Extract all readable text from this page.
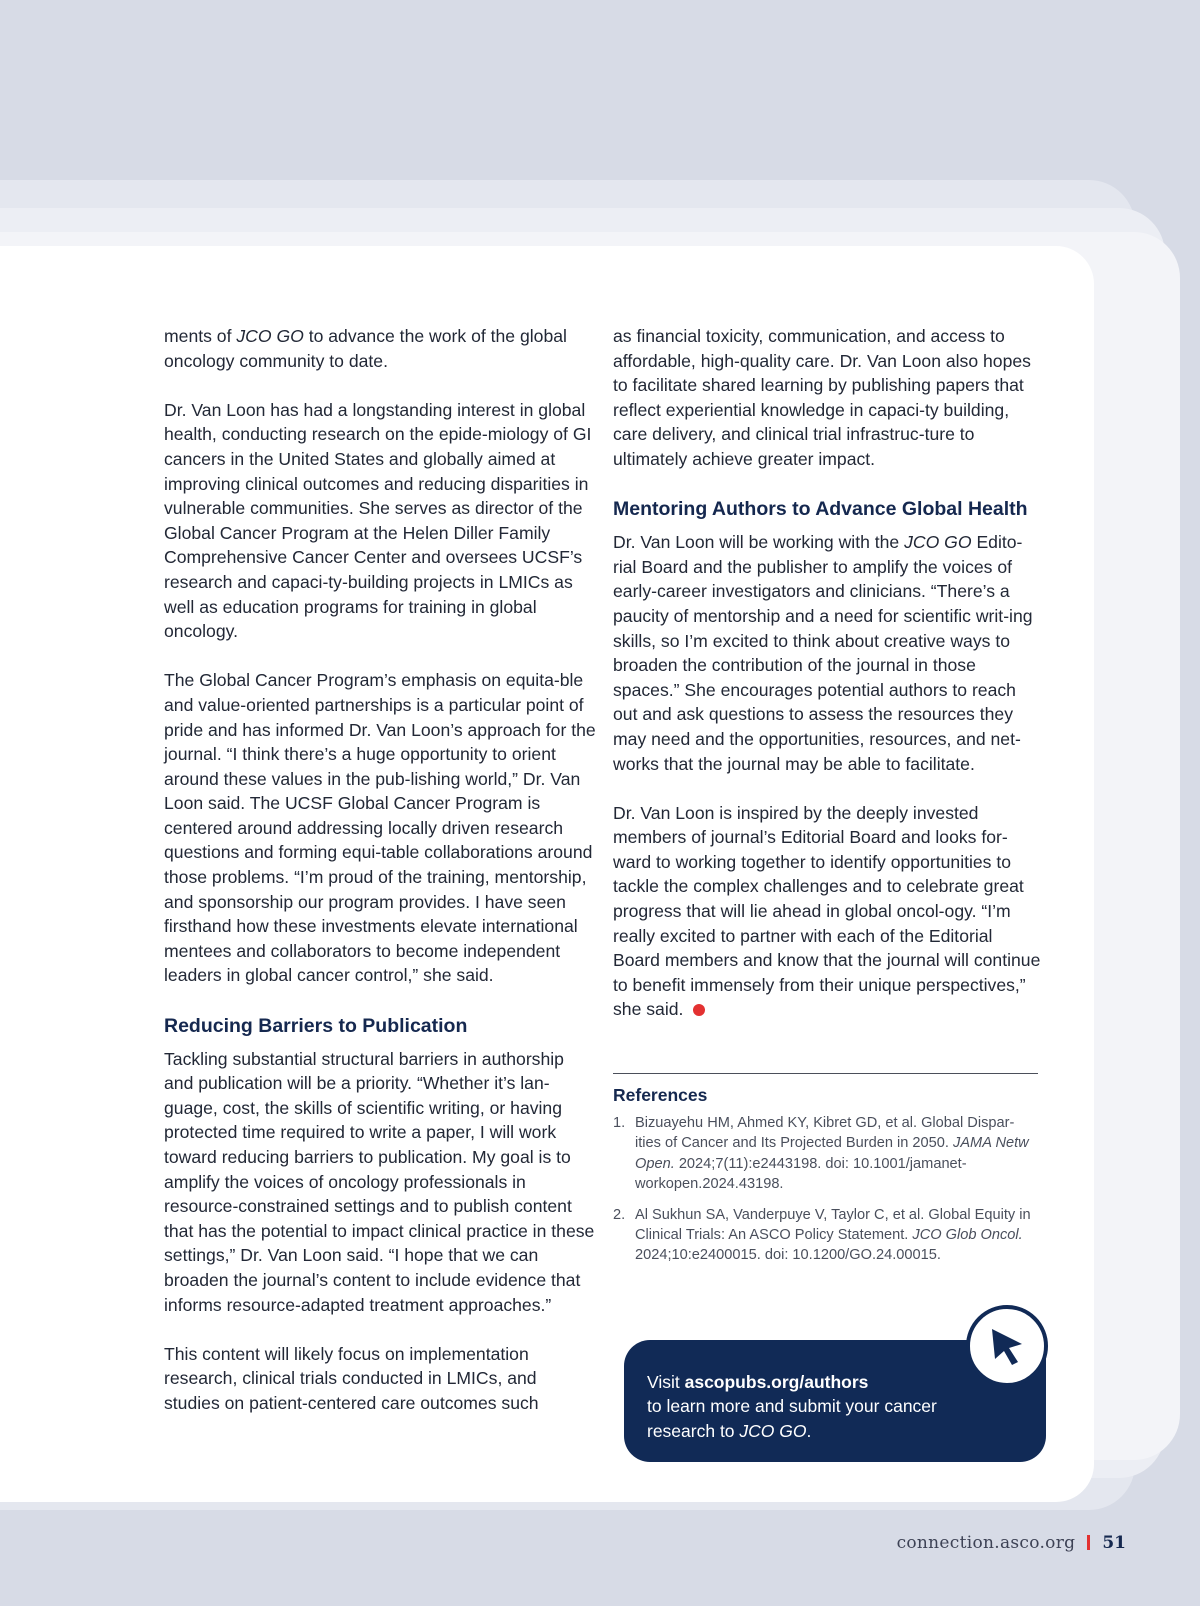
ments of JCO GO to advance the work of the global oncology community to date.

Dr. Van Loon has had a longstanding interest in global health, conducting research on the epide-miology of GI cancers in the United States and globally aimed at improving clinical outcomes and reducing disparities in vulnerable communities. She serves as director of the Global Cancer Program at the Helen Diller Family Comprehensive Cancer Center and oversees UCSF’s research and capaci-ty-building projects in LMICs as well as education programs for training in global oncology.

The Global Cancer Program’s emphasis on equita-ble and value-oriented partnerships is a particular point of pride and has informed Dr. Van Loon’s approach for the journal. “I think there’s a huge opportunity to orient around these values in the pub-lishing world,” Dr. Van Loon said. The UCSF Global Cancer Program is centered around addressing locally driven research questions and forming equi-table collaborations around those problems. “I’m proud of the training, mentorship, and sponsorship our program provides. I have seen firsthand how these investments elevate international mentees and collaborators to become independent leaders in global cancer control,” she said.

Reducing Barriers to Publication

Tackling substantial structural barriers in authorship and publication will be a priority. “Whether it’s lan-guage, cost, the skills of scientific writing, or having protected time required to write a paper, I will work toward reducing barriers to publication. My goal is to amplify the voices of oncology professionals in resource-constrained settings and to publish content that has the potential to impact clinical practice in these settings,” Dr. Van Loon said. “I hope that we can broaden the journal’s content to include evidence that informs resource-adapted treatment approaches.”

This content will likely focus on implementation research, clinical trials conducted in LMICs, and studies on patient-centered care outcomes such

as financial toxicity, communication, and access to affordable, high-quality care. Dr. Van Loon also hopes to facilitate shared learning by publishing papers that reflect experiential knowledge in capaci-ty building, care delivery, and clinical trial infrastruc-ture to ultimately achieve greater impact.

Mentoring Authors to Advance Global Health

Dr. Van Loon will be working with the JCO GO Edito-rial Board and the publisher to amplify the voices of early-career investigators and clinicians. “There’s a paucity of mentorship and a need for scientific writ-ing skills, so I’m excited to think about creative ways to broaden the contribution of the journal in those spaces.” She encourages potential authors to reach out and ask questions to assess the resources they may need and the opportunities, resources, and net-works that the journal may be able to facilitate.

Dr. Van Loon is inspired by the deeply invested members of journal’s Editorial Board and looks for-ward to working together to identify opportunities to tackle the complex challenges and to celebrate great progress that will lie ahead in global oncol-ogy. “I’m really excited to partner with each of the Editorial Board members and know that the journal will continue to benefit immensely from their unique perspectives,” she said.

References
1. Bizuayehu HM, Ahmed KY, Kibret GD, et al. Global Dispar-ities of Cancer and Its Projected Burden in 2050. JAMA Netw Open. 2024;7(11):e2443198. doi: 10.1001/jamanet-workopen.2024.43198.
2. Al Sukhun SA, Vanderpuye V, Taylor C, et al. Global Equity in Clinical Trials: An ASCO Policy Statement. JCO Glob Oncol. 2024;10:e2400015. doi: 10.1200/GO.24.00015.
Visit ascopubs.org/authors
to learn more and submit your cancer research to JCO GO.
connection.asco.org 51
